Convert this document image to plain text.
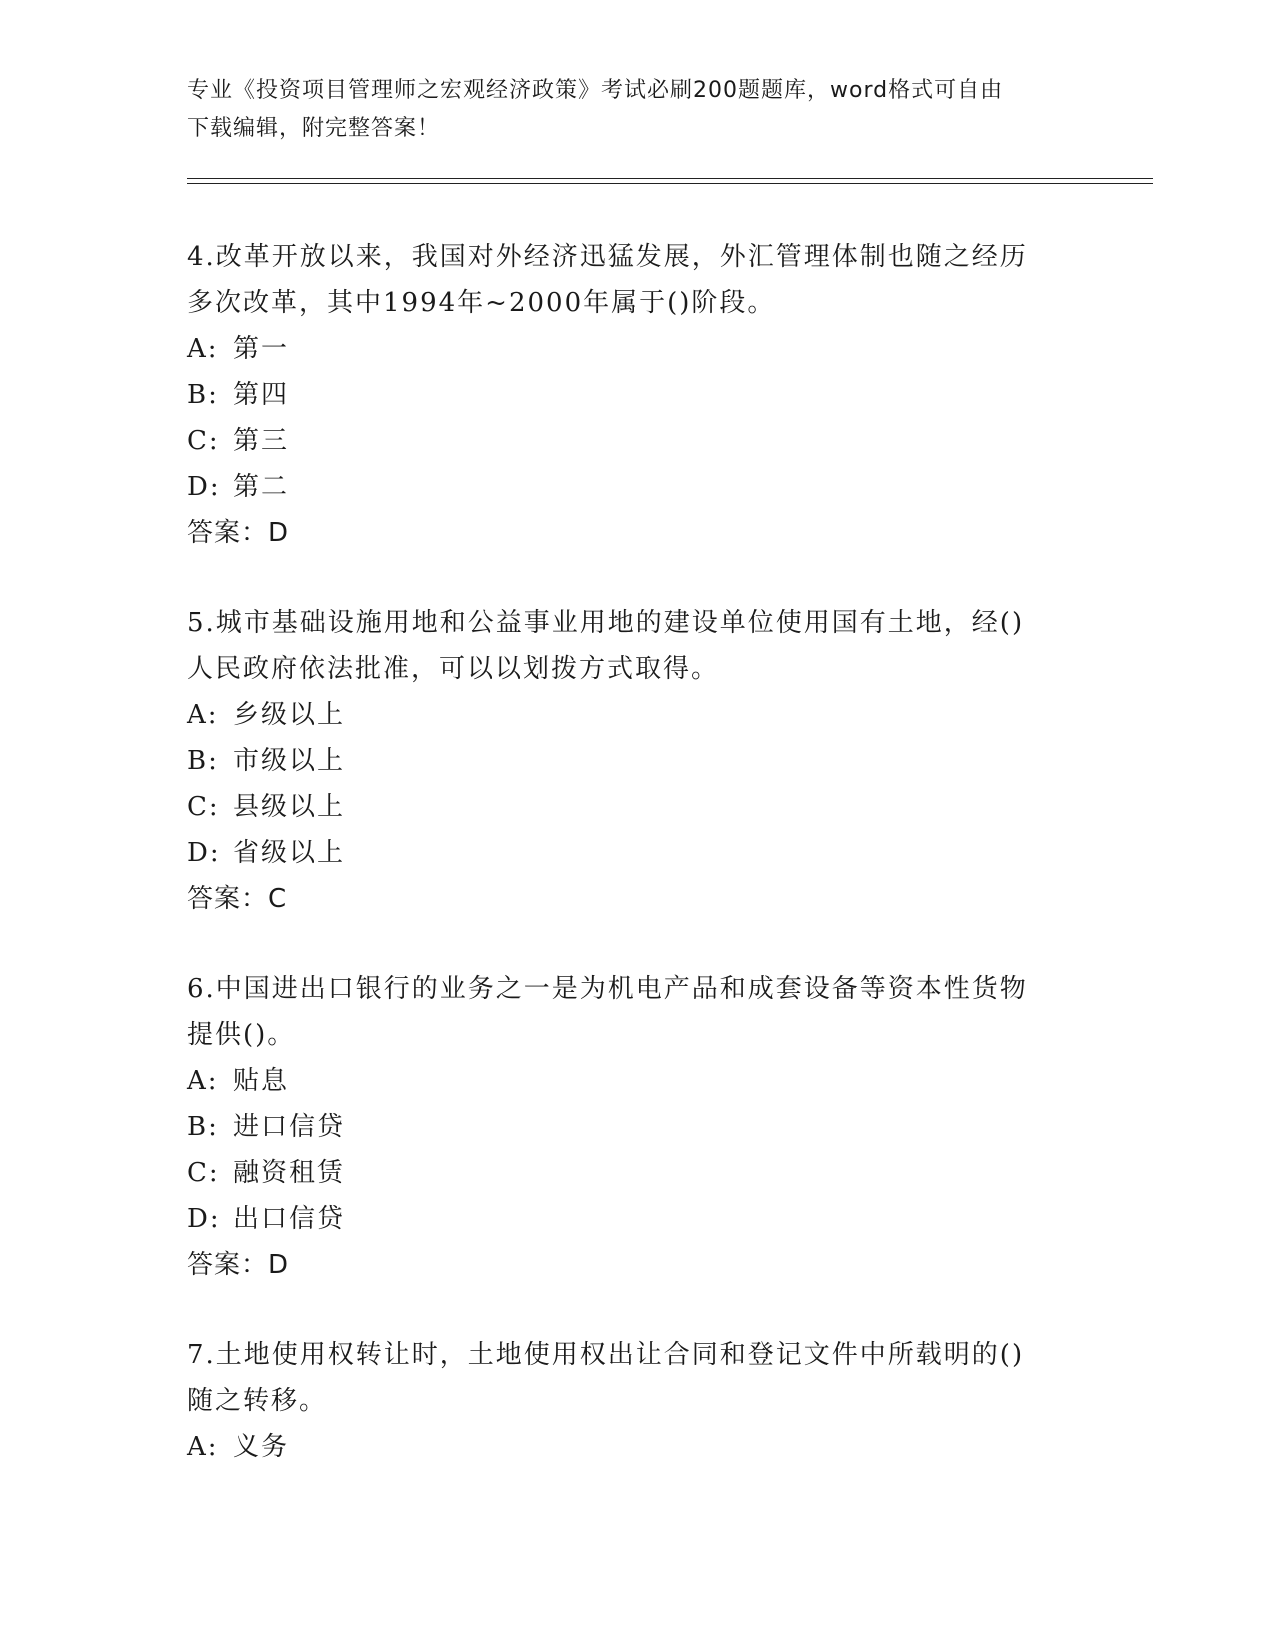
专业《投资项目管理师之宏观经济政策》考试必刷200题题库，word格式可自由
下载编辑，附完整答案！

4.改革开放以来，我国对外经济迅猛发展，外汇管理体制也随之经历

多次改革，其中1994年~2000年属于()阶段。

A: 第一

B: 第四

C: 第三

D: 第二

答案：D

5.城市基础设施用地和公益事业用地的建设单位使用国有土地，经()

人民政府依法批准，可以以划拨方式取得。

A: 乡级以上

B: 市级以上

C: 县级以上

D: 省级以上

答案：C

6.中国进出口银行的业务之一是为机电产品和成套设备等资本性货物

提供()。

A: 贴息

B: 进口信贷

C: 融资租赁

D: 出口信贷

答案：D

7.土地使用权转让时，土地使用权出让合同和登记文件中所载明的()

随之转移。

A: 义务
